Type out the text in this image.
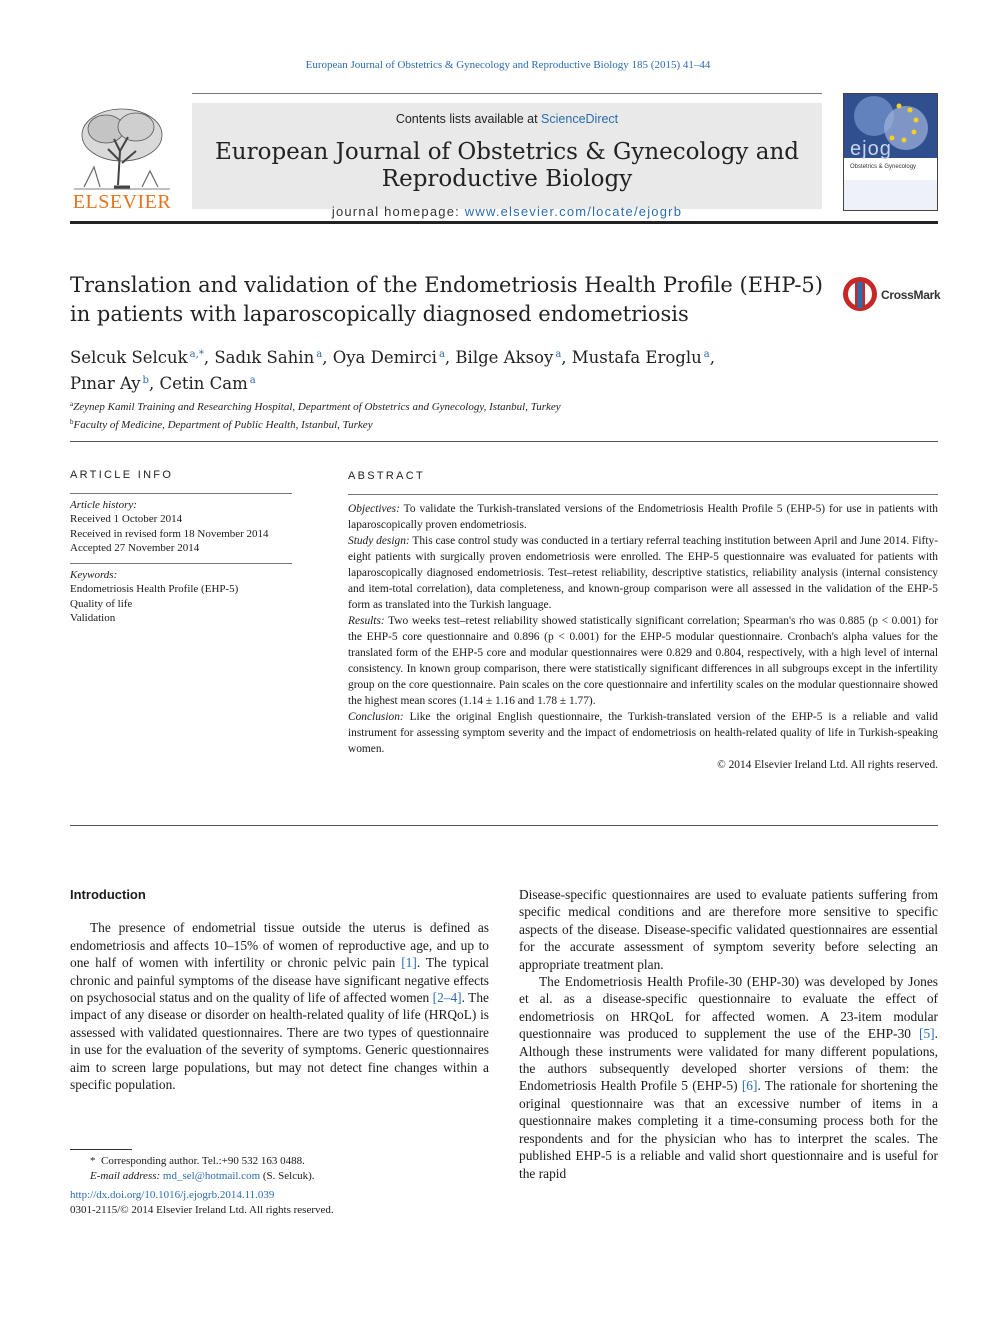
European Journal of Obstetrics & Gynecology and Reproductive Biology 185 (2015) 41–44
ELSEVIER
Contents lists available at ScienceDirect
European Journal of Obstetrics & Gynecology and
Reproductive Biology
journal homepage: www.elsevier.com/locate/ejogrb
ejog
Obstetrics & Gynecology
Translation and validation of the Endometriosis Health Profile (EHP-5) in patients with laparoscopically diagnosed endometriosis
CrossMark
Selcuk Selcuk $^{a,*}$, Sadık Sahin $^a$, Oya Demirci $^a$, Bilge Aksoy $^a$, Mustafa Eroglu $^a$,
Pınar Ay $^b$, Cetin Cam $^a$
$^a$Zeynep Kamil Training and Researching Hospital, Department of Obstetrics and Gynecology, Istanbul, Turkey
$^b$Faculty of Medicine, Department of Public Health, Istanbul, Turkey
ARTICLE INFO
Article history:
Received 1 October 2014
Received in revised form 18 November 2014
Accepted 27 November 2014
Keywords:
Endometriosis Health Profile (EHP-5)
Quality of life
Validation
ABSTRACT

Objectives: To validate the Turkish-translated versions of the Endometriosis Health Profile 5 (EHP-5) for use in patients with laparoscopically proven endometriosis.

Study design: This case control study was conducted in a tertiary referral teaching institution between April and June 2014. Fifty-eight patients with surgically proven endometriosis were enrolled. The EHP-5 questionnaire was evaluated for patients with laparoscopically diagnosed endometriosis. Test–retest reliability, descriptive statistics, reliability analysis (internal consistency and item-total correlation), data completeness, and known-group comparison were all assessed in the validation of the EHP-5 form as translated into the Turkish language.

Results: Two weeks test–retest reliability showed statistically significant correlation; Spearman's rho was 0.885 (p < 0.001) for the EHP-5 core questionnaire and 0.896 (p < 0.001) for the EHP-5 modular questionnaire. Cronbach's alpha values for the translated form of the EHP-5 core and modular questionnaires were 0.829 and 0.804, respectively, with a high level of internal consistency. In known group comparison, there were statistically significant differences in all subgroups except in the infertility group on the core questionnaire. Pain scales on the core questionnaire and infertility scales on the modular questionnaire showed the highest mean scores (1.14 ± 1.16 and 1.78 ± 1.77).

Conclusion: Like the original English questionnaire, the Turkish-translated version of the EHP-5 is a reliable and valid instrument for assessing symptom severity and the impact of endometriosis on health-related quality of life in Turkish-speaking women.

© 2014 Elsevier Ireland Ltd. All rights reserved.

Introduction

The presence of endometrial tissue outside the uterus is defined as endometriosis and affects 10–15% of women of reproductive age, and up to one half of women with infertility or chronic pelvic pain [1]. The typical chronic and painful symptoms of the disease have significant negative effects on psychosocial status and on the quality of life of affected women [2–4]. The impact of any disease or disorder on health-related quality of life (HRQoL) is assessed with validated questionnaires. There are two types of questionnaire in use for the evaluation of the severity of symptoms. Generic questionnaires aim to screen large populations, but may not detect fine changes within a specific population.

Disease-specific questionnaires are used to evaluate patients suffering from specific medical conditions and are therefore more sensitive to specific aspects of the disease. Disease-specific validated questionnaires are essential for the accurate assessment of symptom severity before selecting an appropriate treatment plan.

The Endometriosis Health Profile-30 (EHP-30) was developed by Jones et al. as a disease-specific questionnaire to evaluate the effect of endometriosis on HRQoL for affected women. A 23-item modular questionnaire was produced to supplement the use of the EHP-30 [5]. Although these instruments were validated for many different populations, the authors subsequently developed shorter versions of them: the Endometriosis Health Profile 5 (EHP-5) [6]. The rationale for shortening the original questionnaire was that an excessive number of items in a questionnaire makes completing it a time-consuming process both for the respondents and for the physician who has to interpret the scales. The published EHP-5 is a reliable and valid short questionnaire and is useful for the rapid

*  Corresponding author. Tel.:+90 532 163 0488.
E-mail address: md_sel@hotmail.com (S. Selcuk).
http://dx.doi.org/10.1016/j.ejogrb.2014.11.039
0301-2115/© 2014 Elsevier Ireland Ltd. All rights reserved.
